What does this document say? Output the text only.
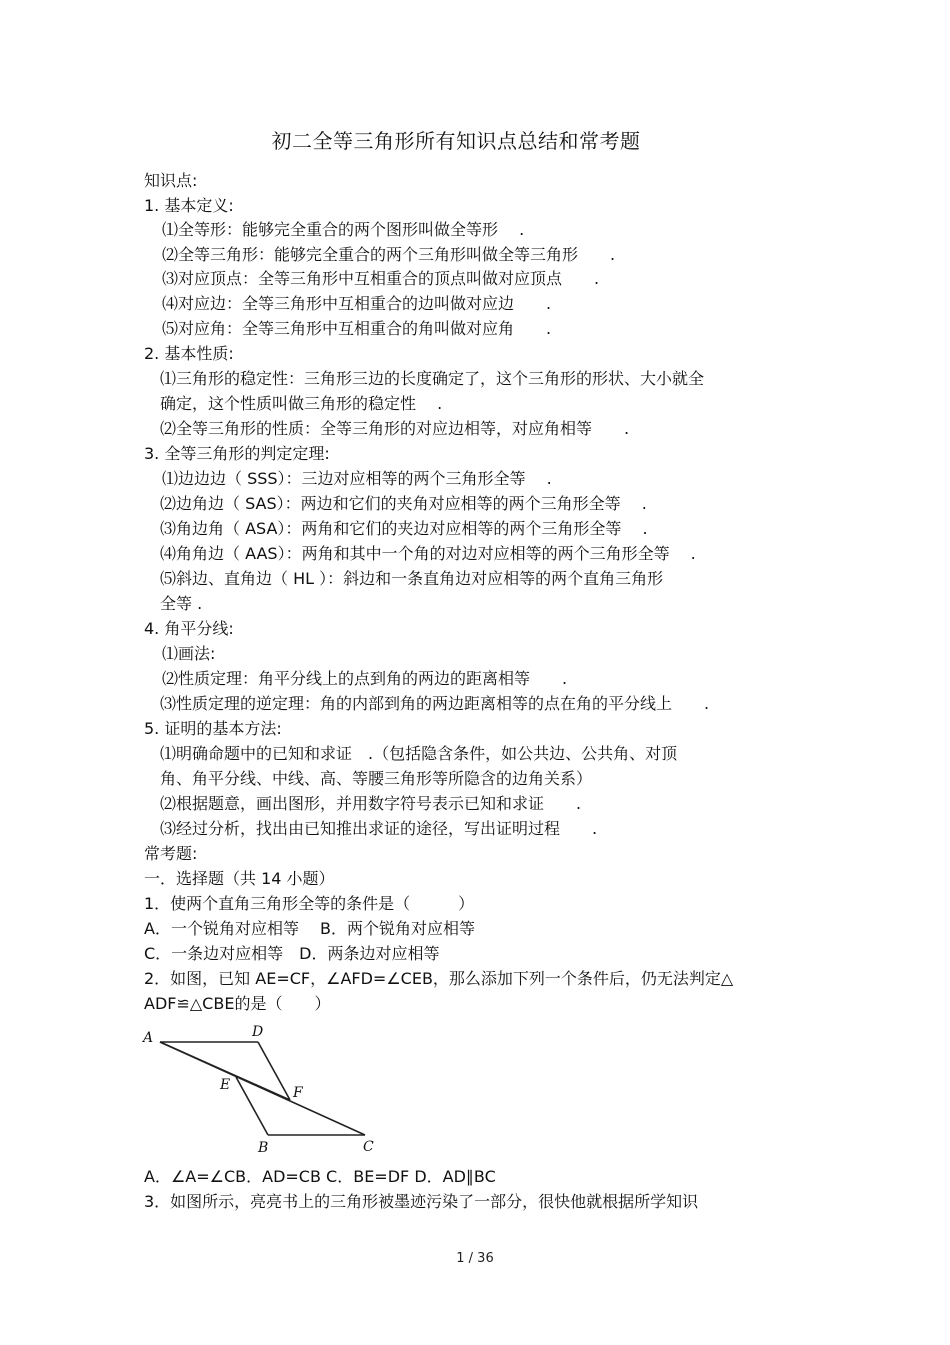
初二全等三角形所有知识点总结和常考题
知识点:
1. 基本定义:
⑴全等形：能够完全重合的两个图形叫做全等形　 .
⑵全等三角形：能够完全重合的两个三角形叫做全等三角形　　.
⑶对应顶点：全等三角形中互相重合的顶点叫做对应顶点　　.
⑷对应边：全等三角形中互相重合的边叫做对应边　　.
⑸对应角：全等三角形中互相重合的角叫做对应角　　.
2. 基本性质:
⑴三角形的稳定性：三角形三边的长度确定了，这个三角形的形状、大小就全
确定，这个性质叫做三角形的稳定性　 .
⑵全等三角形的性质：全等三角形的对应边相等，对应角相等　　.
3. 全等三角形的判定定理:
⑴边边边（ SSS）：三边对应相等的两个三角形全等　 .
⑵边角边（ SAS）：两边和它们的夹角对应相等的两个三角形全等　 .
⑶角边角（ ASA）：两角和它们的夹边对应相等的两个三角形全等　 .
⑷角角边（ AAS）：两角和其中一个角的对边对应相等的两个三角形全等　 .
⑸斜边、直角边（ HL ）：斜边和一条直角边对应相等的两个直角三角形
全等 .
4. 角平分线:
⑴画法:
⑵性质定理：角平分线上的点到角的两边的距离相等　　.
⑶性质定理的逆定理：角的内部到角的两边距离相等的点在角的平分线上　　.
5. 证明的基本方法:
⑴明确命题中的已知和求证　.（包括隐含条件，如公共边、公共角、对顶
角、角平分线、中线、高、等腰三角形等所隐含的边角关系）
⑵根据题意，画出图形，并用数字符号表示已知和求证　　.
⑶经过分析，找出由已知推出求证的途径，写出证明过程　　.
常考题:
一．选择题（共 14 小题）
1．使两个直角三角形全等的条件是（　　　）
A．一个锐角对应相等　 B．两个锐角对应相等
C．一条边对应相等　D．两条边对应相等
2．如图，已知 AE=CF，∠AFD=∠CEB，那么添加下列一个条件后，仍无法判定△
ADF≌△CBE的是（　　）
A	D
E	F
B	C
A．∠A=∠CB．AD=CB C．BE=DF D．AD∥BC
3．如图所示，亮亮书上的三角形被墨迹污染了一部分，很快他就根据所学知识
1 / 36
